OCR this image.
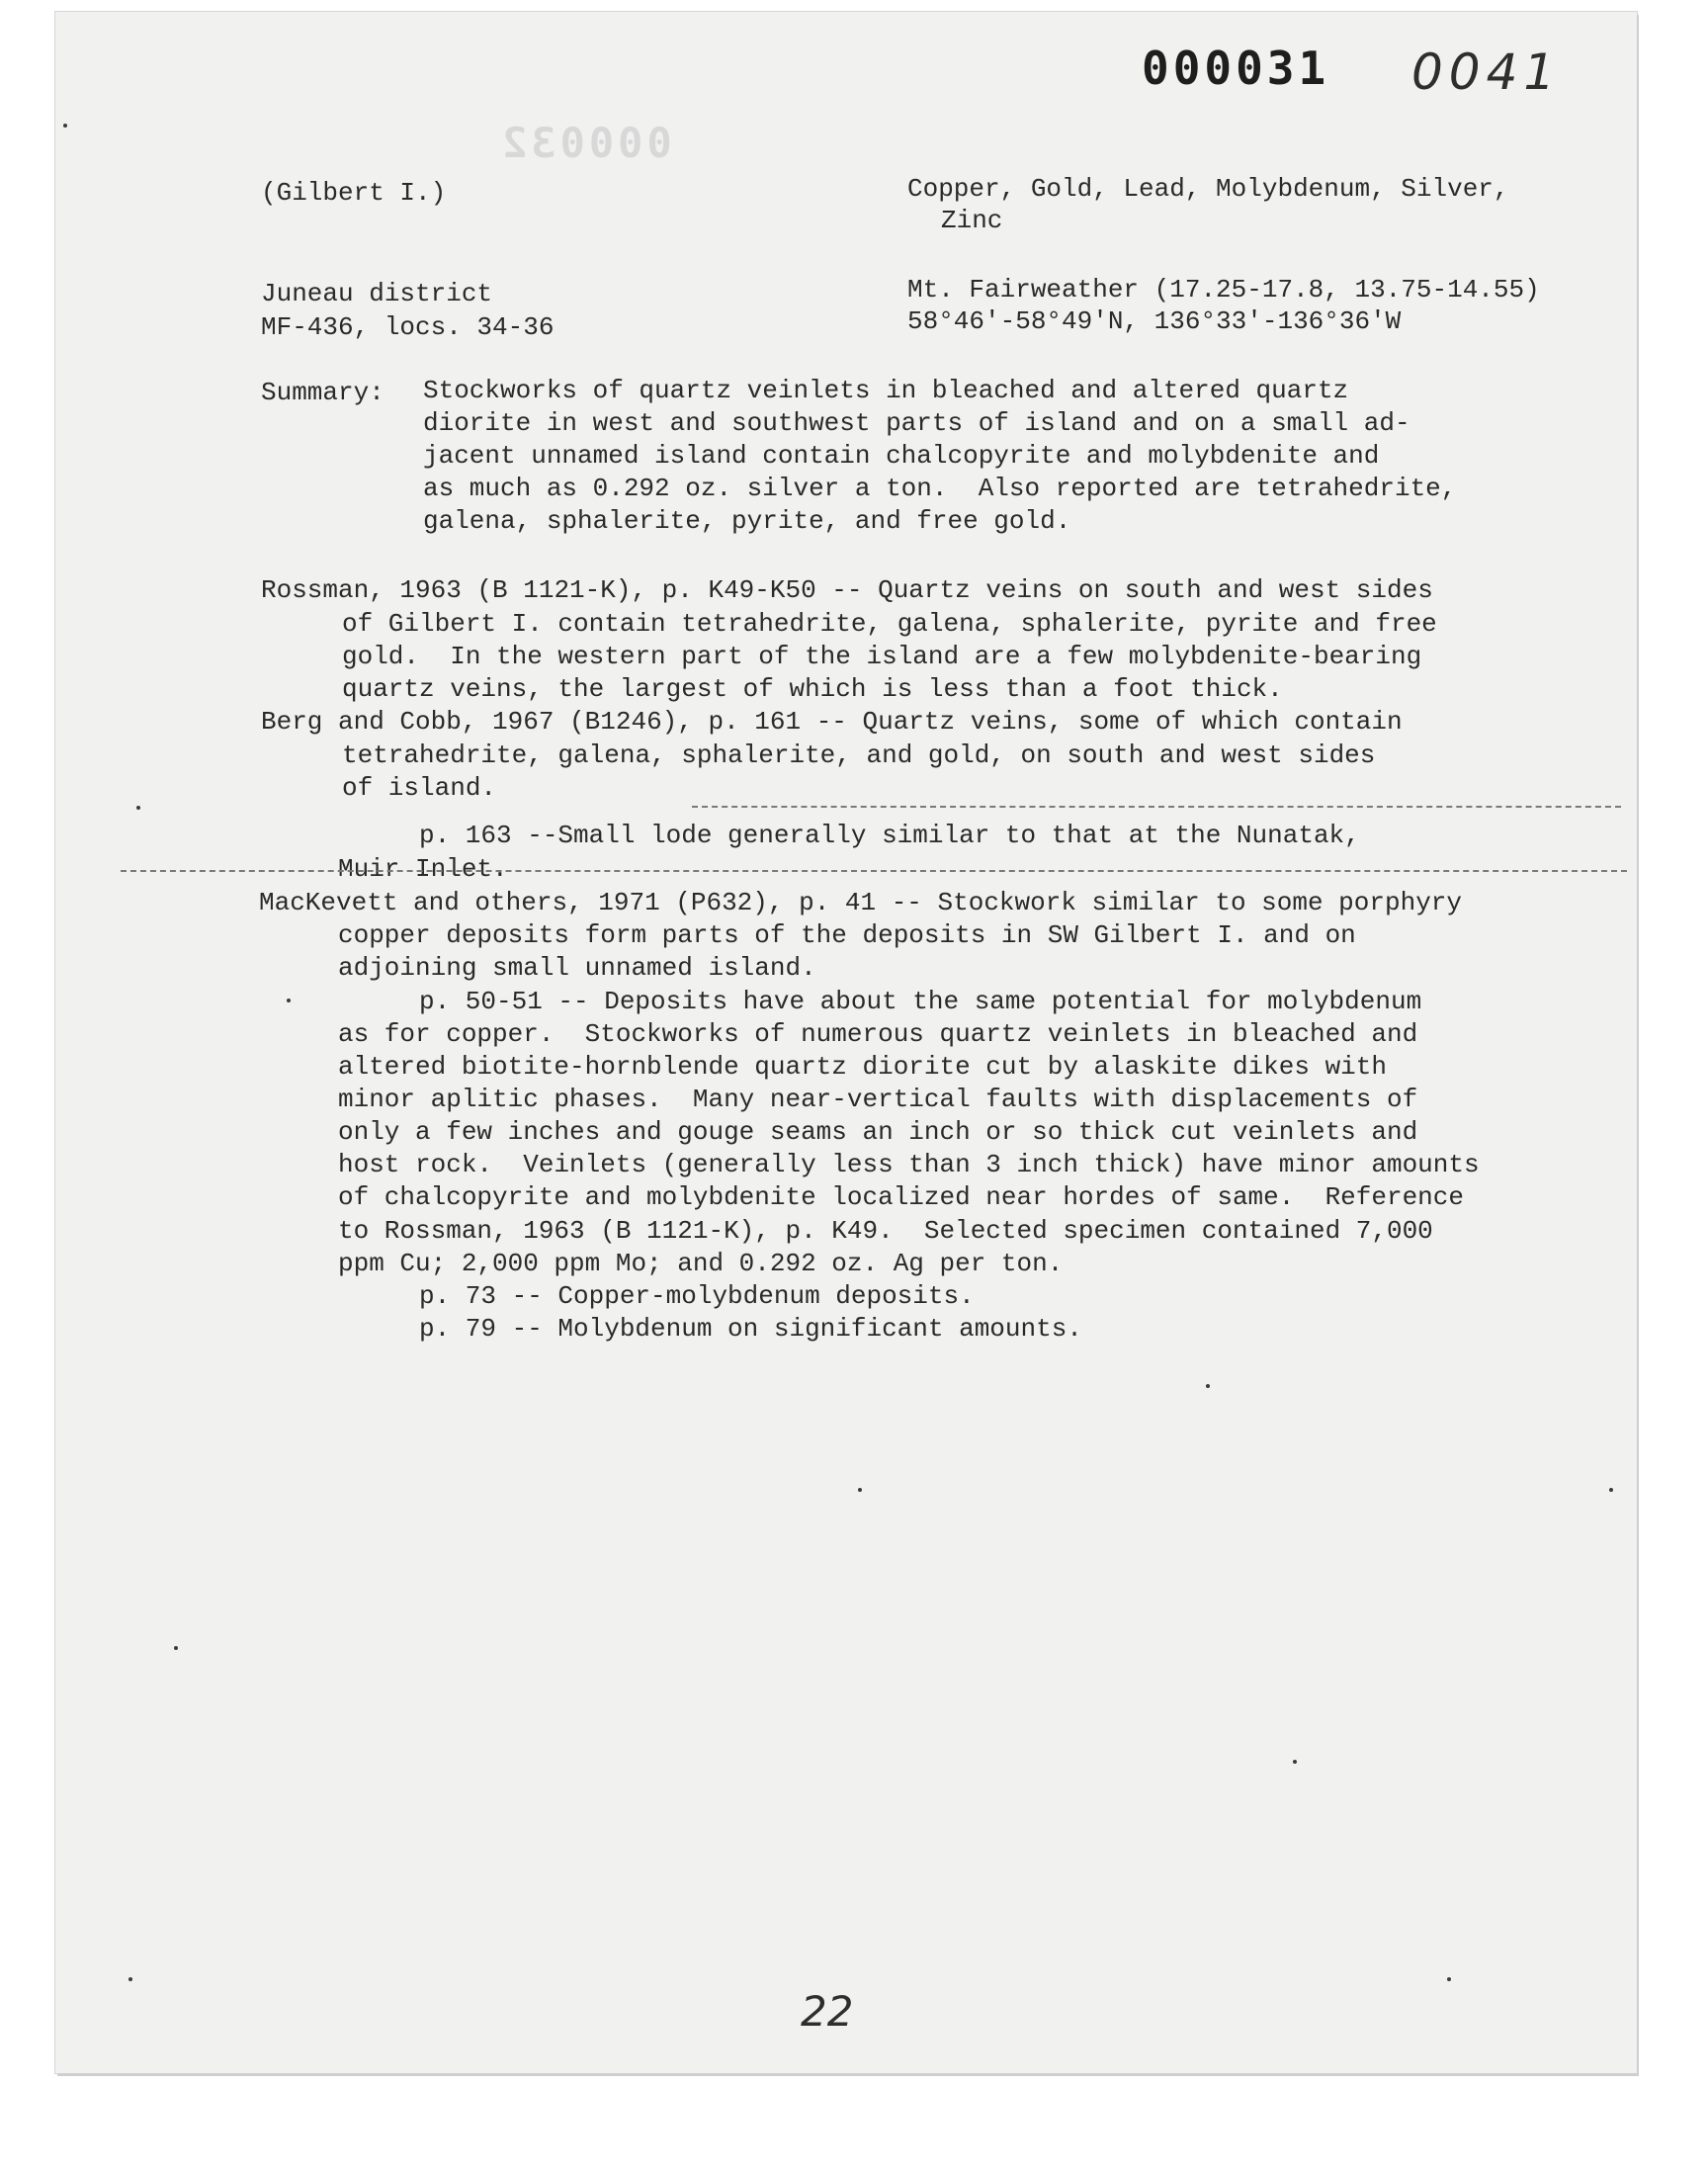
000032
000031 0041

(Gilbert I.)	Copper, Gold, Lead, Molybdenum, Silver,

Zinc

Juneau district

MF-436, locs. 34-36

Mt. Fairweather (17.25-17.8, 13.75-14.55)

58°46'-58°49'N, 136°33'-136°36'W

Summary: Stockworks of quartz veinlets in bleached and altered quartz

diorite in west and southwest parts of island and on a small ad-

jacent unnamed island contain chalcopyrite and molybdenite and

as much as 0.292 oz. silver a ton.  Also reported are tetrahedrite,

galena, sphalerite, pyrite, and free gold.

Rossman, 1963 (B 1121-K), p. K49-K50 -- Quartz veins on south and west sides

of Gilbert I. contain tetrahedrite, galena, sphalerite, pyrite and free

gold.  In the western part of the island are a few molybdenite-bearing

quartz veins, the largest of which is less than a foot thick.

Berg and Cobb, 1967 (B1246), p. 161 -- Quartz veins, some of which contain

tetrahedrite, galena, sphalerite, and gold, on south and west sides

of island.

p. 163 --Small lode generally similar to that at the Nunatak,

Muir Inlet.

MacKevett and others, 1971 (P632), p. 41 -- Stockwork similar to some porphyry

copper deposits form parts of the deposits in SW Gilbert I. and on

adjoining small unnamed island.

p. 50-51 -- Deposits have about the same potential for molybdenum

as for copper.  Stockworks of numerous quartz veinlets in bleached and

altered biotite-hornblende quartz diorite cut by alaskite dikes with

minor aplitic phases.  Many near-vertical faults with displacements of

only a few inches and gouge seams an inch or so thick cut veinlets and

host rock.  Veinlets (generally less than 3 inch thick) have minor amounts

of chalcopyrite and molybdenite localized near hordes of same.  Reference

to Rossman, 1963 (B 1121-K), p. K49.  Selected specimen contained 7,000

ppm Cu; 2,000 ppm Mo; and 0.292 oz. Ag per ton.

p. 73 -- Copper-molybdenum deposits.

p. 79 -- Molybdenum on significant amounts.

22
